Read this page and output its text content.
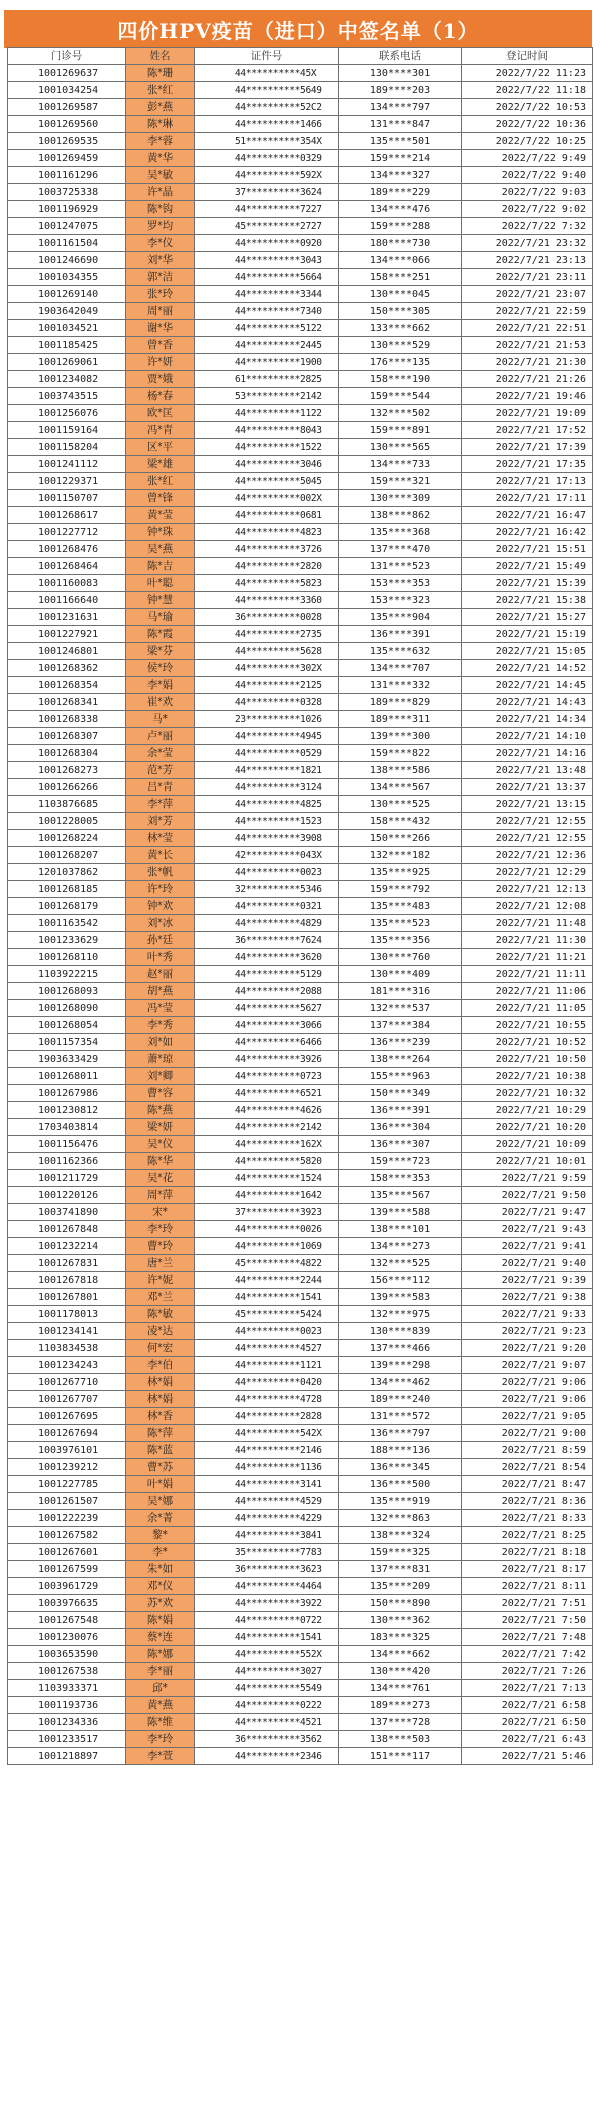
四价HPV疫苗（进口）中签名单（1）
门诊号	姓名	证件号	联系电话	登记时间
1001269637	陈*珊	44**********45X	130****301	2022/7/22 11:23
1001034254	张*红	44**********5649	189****203	2022/7/22 11:18
1001269587	彭*燕	44**********52C2	134****797	2022/7/22 10:53
1001269560	陈*琳	44**********1466	131****847	2022/7/22 10:36
1001269535	李*蓉	51**********354X	135****501	2022/7/22 10:25
1001269459	黄*华	44**********0329	159****214	2022/7/22 9:49
1001161296	吴*敏	44**********592X	134****327	2022/7/22 9:40
1003725338	许*晶	37**********3624	189****229	2022/7/22 9:03
1001196929	陈*钩	44**********7227	134****476	2022/7/22 9:02
1001247075	罗*均	45**********2727	159****288	2022/7/22 7:32
1001161504	李*仪	44**********0920	180****730	2022/7/21 23:32
1001246690	刘*华	44**********3043	134****066	2022/7/21 23:13
1001034355	郭*洁	44**********5664	158****251	2022/7/21 23:11
1001269140	张*玲	44**********3344	130****045	2022/7/21 23:07
1903642049	周*丽	44**********7340	150****305	2022/7/21 22:59
1001034521	谢*华	44**********5122	133****662	2022/7/21 22:51
1001185425	曾*香	44**********2445	130****529	2022/7/21 21:53
1001269061	许*妍	44**********1900	176****135	2022/7/21 21:30
1001234082	贾*娥	61**********2825	158****190	2022/7/21 21:26
1003743515	杨*春	53**********2142	159****544	2022/7/21 19:46
1001256076	欧*匡	44**********1122	132****502	2022/7/21 19:09
1001159164	冯*青	44**********8043	159****891	2022/7/21 17:52
1001158204	区*平	44**********1522	130****565	2022/7/21 17:39
1001241112	梁*雄	44**********3046	134****733	2022/7/21 17:35
1001229371	张*红	44**********5045	159****321	2022/7/21 17:13
1001150707	曾*锋	44**********002X	130****309	2022/7/21 17:11
1001268617	黄*莹	44**********0681	138****862	2022/7/21 16:47
1001227712	钟*珠	44**********4823	135****368	2022/7/21 16:42
1001268476	吴*燕	44**********3726	137****470	2022/7/21 15:51
1001268464	陈*吉	44**********2820	131****523	2022/7/21 15:49
1001160083	叶*聪	44**********5823	153****353	2022/7/21 15:39
1001166640	钟*慧	44**********3360	153****323	2022/7/21 15:38
1001231631	马*瑜	36**********0028	135****904	2022/7/21 15:27
1001227921	陈*霞	44**********2735	136****391	2022/7/21 15:19
1001246801	梁*芬	44**********5628	135****632	2022/7/21 15:05
1001268362	侯*玲	44**********302X	134****707	2022/7/21 14:52
1001268354	李*娟	44**********2125	131****332	2022/7/21 14:45
1001268341	崔*欢	44**********0328	189****829	2022/7/21 14:43
1001268338	马*	23**********1026	189****311	2022/7/21 14:34
1001268307	卢*丽	44**********4945	139****300	2022/7/21 14:10
1001268304	余*莹	44**********0529	159****822	2022/7/21 14:16
1001268273	范*芳	44**********1821	138****586	2022/7/21 13:48
1001266266	吕*青	44**********3124	134****567	2022/7/21 13:37
1103876685	李*萍	44**********4825	130****525	2022/7/21 13:15
1001228005	刘*芳	44**********1523	158****432	2022/7/21 12:55
1001268224	林*莹	44**********3908	150****266	2022/7/21 12:55
1001268207	黄*长	42**********043X	132****182	2022/7/21 12:36
1201037862	张*帆	44**********0023	135****925	2022/7/21 12:29
1001268185	许*玲	32**********5346	159****792	2022/7/21 12:13
1001268179	钟*欢	44**********0321	135****483	2022/7/21 12:08
1001163542	刘*冰	44**********4829	135****523	2022/7/21 11:48
1001233629	孙*廷	36**********7624	135****356	2022/7/21 11:30
1001268110	叶*秀	44**********3620	130****760	2022/7/21 11:21
1103922215	赵*丽	44**********5129	130****409	2022/7/21 11:11
1001268093	胡*燕	44**********2088	181****316	2022/7/21 11:06
1001268090	冯*莹	44**********5627	132****537	2022/7/21 11:05
1001268054	李*秀	44**********3066	137****384	2022/7/21 10:55
1001157354	刘*如	44**********6466	136****239	2022/7/21 10:52
1903633429	萧*琼	44**********3926	138****264	2022/7/21 10:50
1001268011	刘*卿	44**********0723	155****963	2022/7/21 10:38
1001267986	曹*容	44**********6521	150****349	2022/7/21 10:32
1001230812	陈*燕	44**********4626	136****391	2022/7/21 10:29
1703403814	梁*妍	44**********2142	136****304	2022/7/21 10:20
1001156476	吴*仪	44**********162X	136****307	2022/7/21 10:09
1001162366	陈*华	44**********5820	159****723	2022/7/21 10:01
1001211729	吴*花	44**********1524	158****353	2022/7/21 9:59
1001220126	周*萍	44**********1642	135****567	2022/7/21 9:50
1003741890	宋*	37**********3923	139****588	2022/7/21 9:47
1001267848	李*玲	44**********0026	138****101	2022/7/21 9:43
1001232214	曹*玲	44**********1069	134****273	2022/7/21 9:41
1001267831	唐*兰	45**********4822	132****525	2022/7/21 9:40
1001267818	许*妮	44**********2244	156****112	2022/7/21 9:39
1001267801	邓*兰	44**********1541	139****583	2022/7/21 9:38
1001178013	陈*敏	45**********5424	132****975	2022/7/21 9:33
1001234141	凌*达	44**********0023	130****839	2022/7/21 9:23
1103834538	何*宏	44**********4527	137****466	2022/7/21 9:20
1001234243	李*伯	44**********1121	139****298	2022/7/21 9:07
1001267710	林*娟	44**********0420	134****462	2022/7/21 9:06
1001267707	林*娟	44**********4728	189****240	2022/7/21 9:06
1001267695	林*香	44**********2828	131****572	2022/7/21 9:05
1001267694	陈*萍	44**********542X	136****797	2022/7/21 9:00
1003976101	陈*蓝	44**********2146	188****136	2022/7/21 8:59
1001239212	曹*苏	44**********1136	136****345	2022/7/21 8:54
1001227785	叶*娟	44**********3141	136****500	2022/7/21 8:47
1001261507	吴*娜	44**********4529	135****919	2022/7/21 8:36
1001222239	余*菁	44**********4229	132****863	2022/7/21 8:33
1001267582	黎*	44**********3841	138****324	2022/7/21 8:25
1001267601	李*	35**********7783	159****325	2022/7/21 8:18
1001267599	朱*如	36**********3623	137****831	2022/7/21 8:17
1003961729	邓*仪	44**********4464	135****209	2022/7/21 8:11
1003976635	苏*欢	44**********3922	150****890	2022/7/21 7:51
1001267548	陈*娟	44**********0722	130****362	2022/7/21 7:50
1001230076	蔡*连	44**********1541	183****325	2022/7/21 7:48
1003653590	陈*娜	44**********552X	134****662	2022/7/21 7:42
1001267538	李*丽	44**********3027	130****420	2022/7/21 7:26
1103933371	邱*	44**********5549	134****761	2022/7/21 7:13
1001193736	黄*燕	44**********0222	189****273	2022/7/21 6:58
1001234336	陈*维	44**********4521	137****728	2022/7/21 6:50
1001233517	李*玲	36**********3562	138****503	2022/7/21 6:43
1001218897	李*萱	44**********2346	151****117	2022/7/21 5:46
